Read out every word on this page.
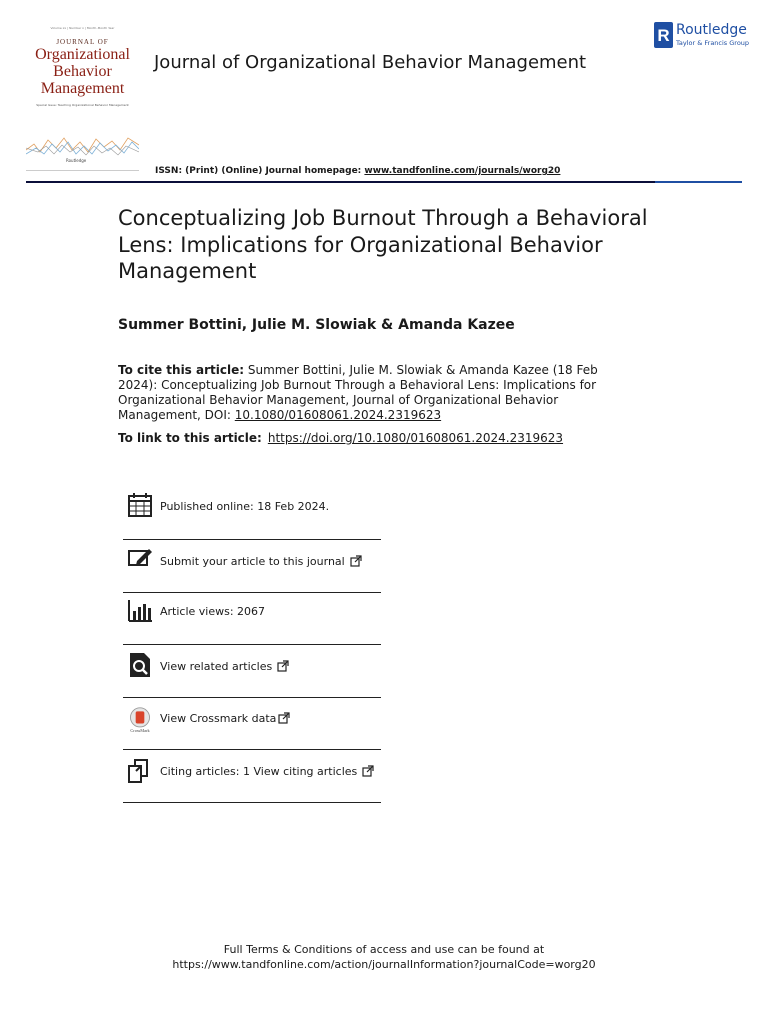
Volume xx | Number x | Month–Month Year
JOURNAL OF
Organizational
Behavior
Management
Special Issue: Teaching Organizational Behavior Management
Routledge
Journal of Organizational Behavior Management
R Routledge
Taylor & Francis Group
ISSN: (Print) (Online) Journal homepage: www.tandfonline.com/journals/worg20
Conceptualizing Job Burnout Through a Behavioral Lens: Implications for Organizational Behavior Management
Summer Bottini, Julie M. Slowiak & Amanda Kazee
To cite this article: Summer Bottini, Julie M. Slowiak & Amanda Kazee (18 Feb 2024): Conceptualizing Job Burnout Through a Behavioral Lens: Implications for Organizational Behavior Management, Journal of Organizational Behavior Management, DOI: 10.1080/01608061.2024.2319623
To link to this article: https://doi.org/10.1080/01608061.2024.2319623
Published online: 18 Feb 2024.
Submit your article to this journal
Article views: 2067
View related articles
CrossMark
View Crossmark data
Citing articles: 1 View citing articles
Full Terms & Conditions of access and use can be found at
https://www.tandfonline.com/action/journalInformation?journalCode=worg20
